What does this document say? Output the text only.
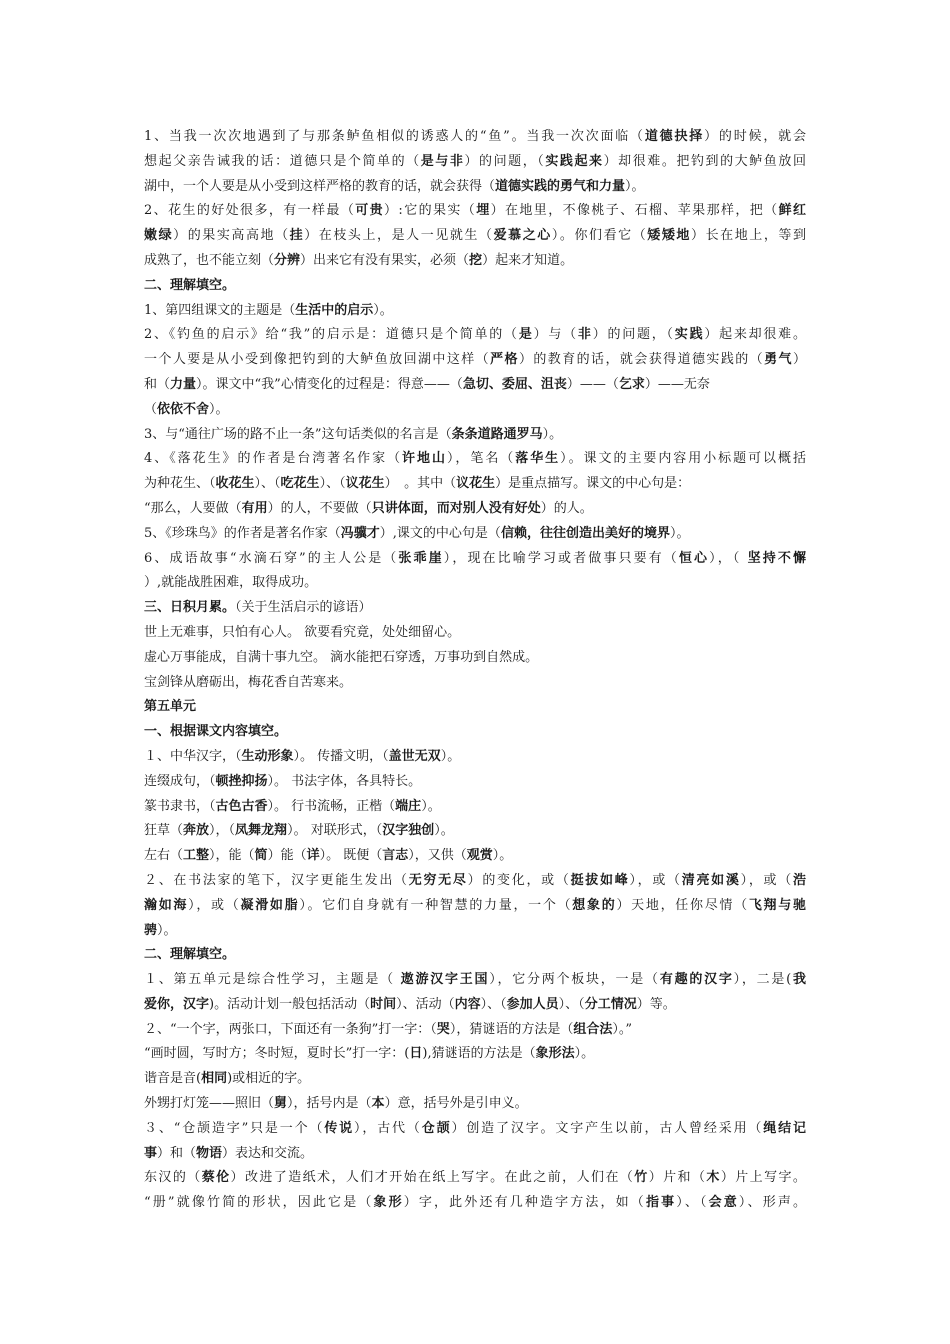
1、当我一次次地遇到了与那条鲈鱼相似的诱惑人的“鱼”。当我一次次面临（道德抉择）的时候，就会
想起父亲告诫我的话：道德只是个简单的（是与非）的问题，（实践起来）却很难。把钓到的大鲈鱼放回
湖中，一个人要是从小受到这样严格的教育的话，就会获得（道德实践的勇气和力量）。
2、花生的好处很多，有一样最（可贵）:它的果实（埋）在地里，不像桃子、石榴、苹果那样，把（鲜红
嫩绿）的果实高高地（挂）在枝头上，是人一见就生（爱慕之心）。你们看它（矮矮地）长在地上，等到
成熟了，也不能立刻（分辨）出来它有没有果实，必须（挖）起来才知道。
二、理解填空。
1、第四组课文的主题是（生活中的启示）。
2、《钓鱼的启示》给“我”的启示是：道德只是个简单的（是）与（非）的问题，（实践）起来却很难。
一个人要是从小受到像把钓到的大鲈鱼放回湖中这样（严格）的教育的话，就会获得道德实践的（勇气）
和（力量）。课文中“我”心情变化的过程是：得意——（急切、委屈、沮丧）——（乞求）——无奈
（依依不舍）。
3、与“通往广场的路不止一条”这句话类似的名言是（条条道路通罗马）。
4、《落花生》的作者是台湾著名作家（许地山），笔名（落华生）。课文的主要内容用小标题可以概括
为种花生、（收花生）、（吃花生）、（议花生）　。其中（议花生）是重点描写。课文的中心句是：
“那么，人要做（有用）的人，不要做（只讲体面，而对别人没有好处）的人。
5、《珍珠鸟》的作者是著名作家（冯骥才）,课文的中心句是（信赖，往往创造出美好的境界）。
6、成语故事“水滴石穿”的主人公是（张乖崖），现在比喻学习或者做事只要有（恒心），（ 坚持不懈
）,就能战胜困难，取得成功。
三、日积月累。（关于生活启示的谚语）
世上无难事，只怕有心人。 欲要看究竟，处处细留心。
虚心万事能成，自满十事九空。 滴水能把石穿透，万事功到自然成。
宝剑锋从磨砺出，梅花香自苦寒来。
第五单元
一、根据课文内容填空。
１、中华汉字，（生动形象）。 传播文明，（盖世无双）。
连缀成句，（顿挫抑扬）。 书法字体，各具特长。
篆书隶书，（古色古香）。 行书流畅，正楷（端庄）。
狂草（奔放），（凤舞龙翔）。 对联形式，（汉字独创）。
左右（工整），能（简）能（详）。 既便（言志），又供（观赏）。
２、在书法家的笔下，汉字更能生发出（无穷无尽）的变化，或（挺拔如峰），或（清亮如溪），或（浩
瀚如海），或（凝滑如脂）。它们自身就有一种智慧的力量，一个（想象的）天地，任你尽情（飞翔与驰
骋）。
二、理解填空。
１、第五单元是综合性学习，主题是（ 遨游汉字王国），它分两个板块，一是（有趣的汉字），二是(我
爱你，汉字)。活动计划一般包括活动（时间）、活动（内容）、（参加人员）、（分工情况）等。
２、“一个字，两张口，下面还有一条狗”打一字：（哭），猜谜语的方法是（组合法）。”
“画时圆，写时方；冬时短，夏时长”打一字：(日),猜谜语的方法是（象形法）。
谐音是音(相同)或相近的字。
外甥打灯笼——照旧（舅），括号内是（本）意，括号外是引申义。
３、“仓颉造字”只是一个（传说），古代（仓颉）创造了汉字。文字产生以前，古人曾经采用（绳结记
事）和（物语）表达和交流。
东汉的（蔡伦）改进了造纸术，人们才开始在纸上写字。在此之前，人们在（竹）片和（木）片上写字。
“册”就像竹简的形状，因此它是（象形）字，此外还有几种造字方法，如（指事）、（会意）、形声。
